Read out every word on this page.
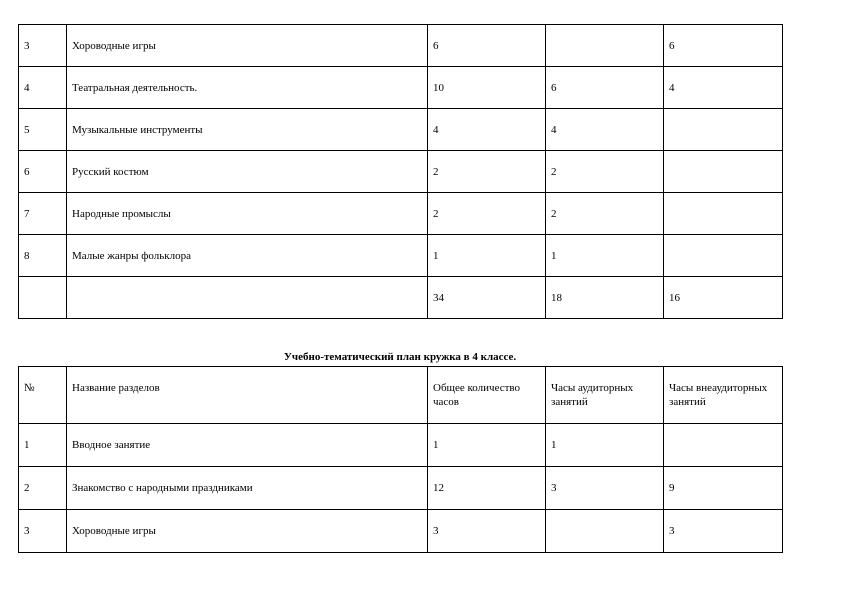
3	Хороводные игры	6		6
4	Театральная деятельность.	10	6	4
5	Музыкальные инструменты	4	4	
6	Русский костюм	2	2	
7	Народные промыслы	2	2	
8	Малые жанры фольклора	1	1	
		34	18	16
Учебно-тематический план кружка в 4 классе.
№	Название разделов	Общее количество часов	Часы аудиторных занятий	Часы внеаудиторных занятий
1	Вводное занятие	1	1	
2	Знакомство с народными праздниками	12	3	9
3	Хороводные игры	3		3
